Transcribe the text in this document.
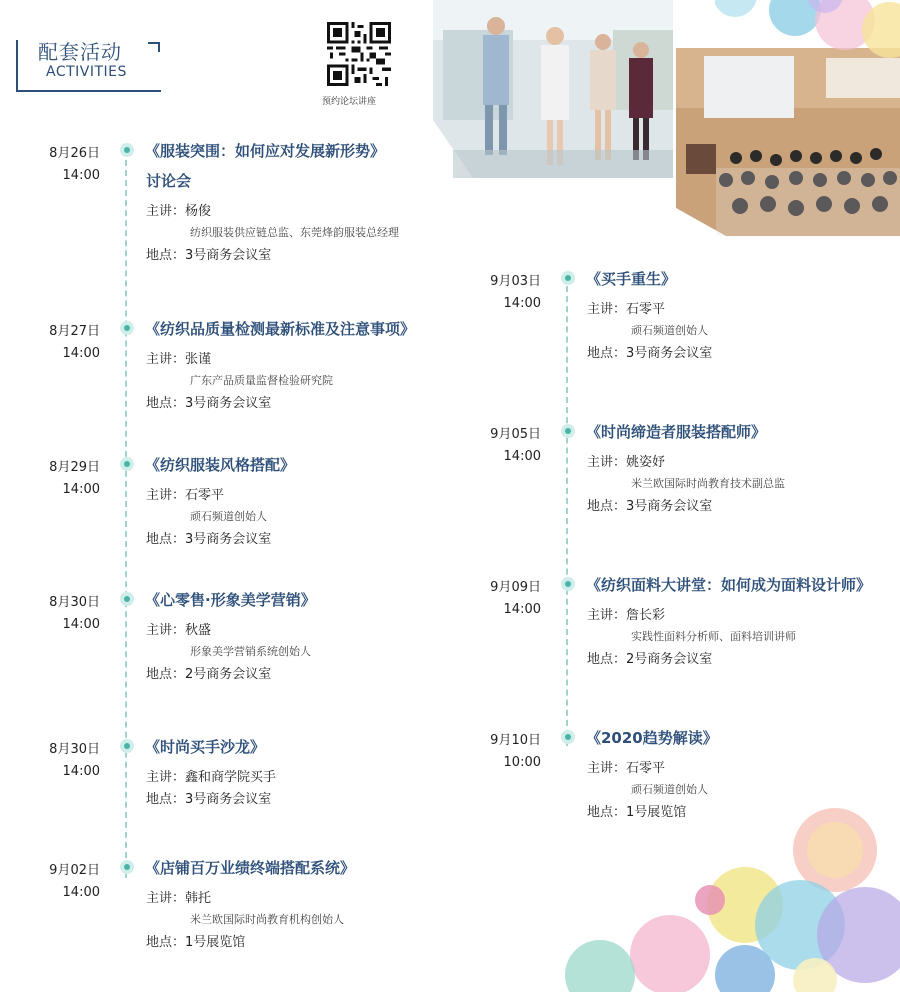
配套活动
ACTIVITIES
预约论坛讲座
8月26日
14:00
《服装突围：如何应对发展新形势》
讨论会
主讲：杨俊
纺织服装供应链总监、东莞烽韵服装总经理
地点：3号商务会议室
8月27日
14:00
《纺织品质量检测最新标准及注意事项》
主讲：张谨
广东产品质量监督检验研究院
地点：3号商务会议室
8月29日
14:00
《纺织服装风格搭配》
主讲：石零平
顽石频道创始人
地点：3号商务会议室
8月30日
14:00
《心零售·形象美学营销》
主讲：秋盛
形象美学营销系统创始人
地点：2号商务会议室
8月30日
14:00
《时尚买手沙龙》
主讲：鑫和商学院买手
地点：3号商务会议室
9月02日
14:00
《店铺百万业绩终端搭配系统》
主讲：韩托
米兰欧国际时尚教育机构创始人
地点：1号展览馆
9月03日
14:00
《买手重生》
主讲：石零平
顽石频道创始人
地点：3号商务会议室
9月05日
14:00
《时尚缔造者服装搭配师》
主讲：姚姿妤
米兰欧国际时尚教育技术副总监
地点：3号商务会议室
9月09日
14:00
《纺织面料大讲堂：如何成为面料设计师》
主讲：詹长彩
实践性面料分析师、面料培训讲师
地点：2号商务会议室
9月10日
10:00
《2020趋势解读》
主讲：石零平
顽石频道创始人
地点：1号展览馆
